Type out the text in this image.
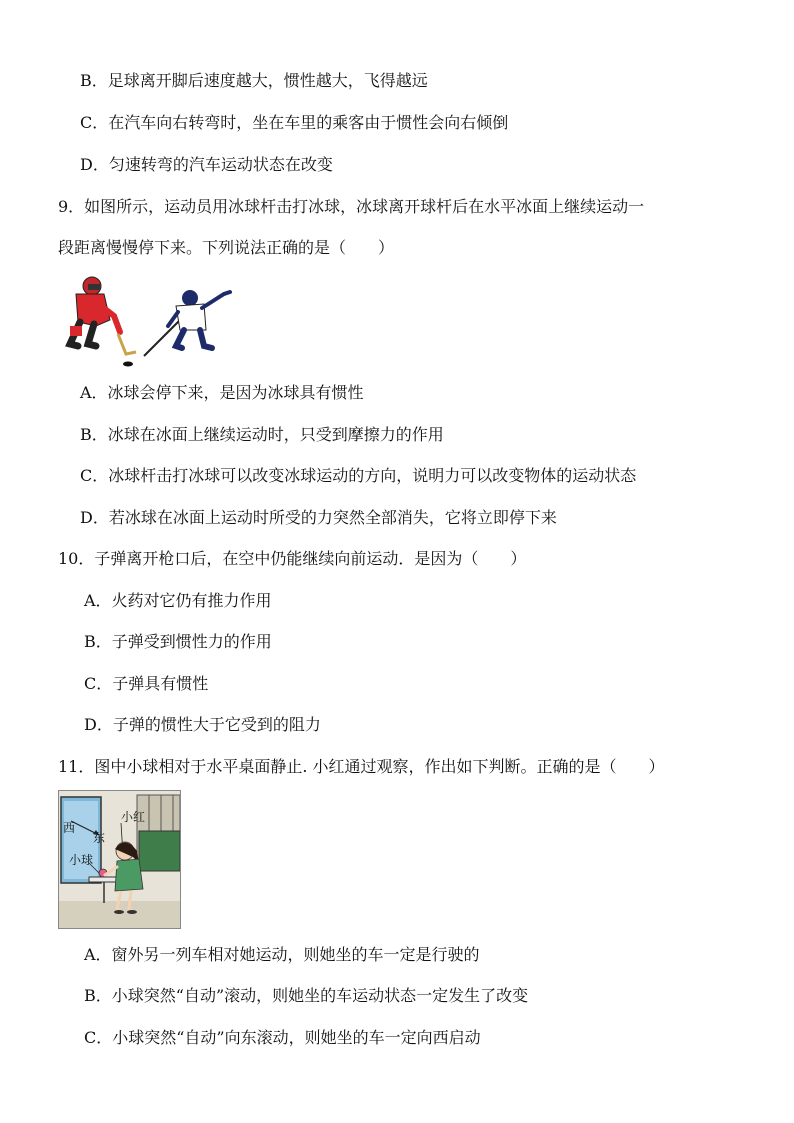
B．足球离开脚后速度越大，惯性越大，飞得越远
C．在汽车向右转弯时，坐在车里的乘客由于惯性会向右倾倒
D．匀速转弯的汽车运动状态在改变
9．如图所示，运动员用冰球杆击打冰球，冰球离开球杆后在水平冰面上继续运动一
段距离慢慢停下来。下列说法正确的是（　　）
A．冰球会停下来，是因为冰球具有惯性
B．冰球在冰面上继续运动时，只受到摩擦力的作用
C．冰球杆击打冰球可以改变冰球运动的方向，说明力可以改变物体的运动状态
D．若冰球在冰面上运动时所受的力突然全部消失，它将立即停下来
10．子弹离开枪口后，在空中仍能继续向前运动．是因为（　　）
A．火药对它仍有推力作用
B．子弹受到惯性力的作用
C．子弹具有惯性
D．子弹的惯性大于它受到的阻力
11．图中小球相对于水平桌面静止. 小红通过观察，作出如下判断。正确的是（　　）
西
东
小红
小球
A．窗外另一列车相对她运动，则她坐的车一定是行驶的
B．小球突然“自动”滚动，则她坐的车运动状态一定发生了改变
C．小球突然“自动”向东滚动，则她坐的车一定向西启动
